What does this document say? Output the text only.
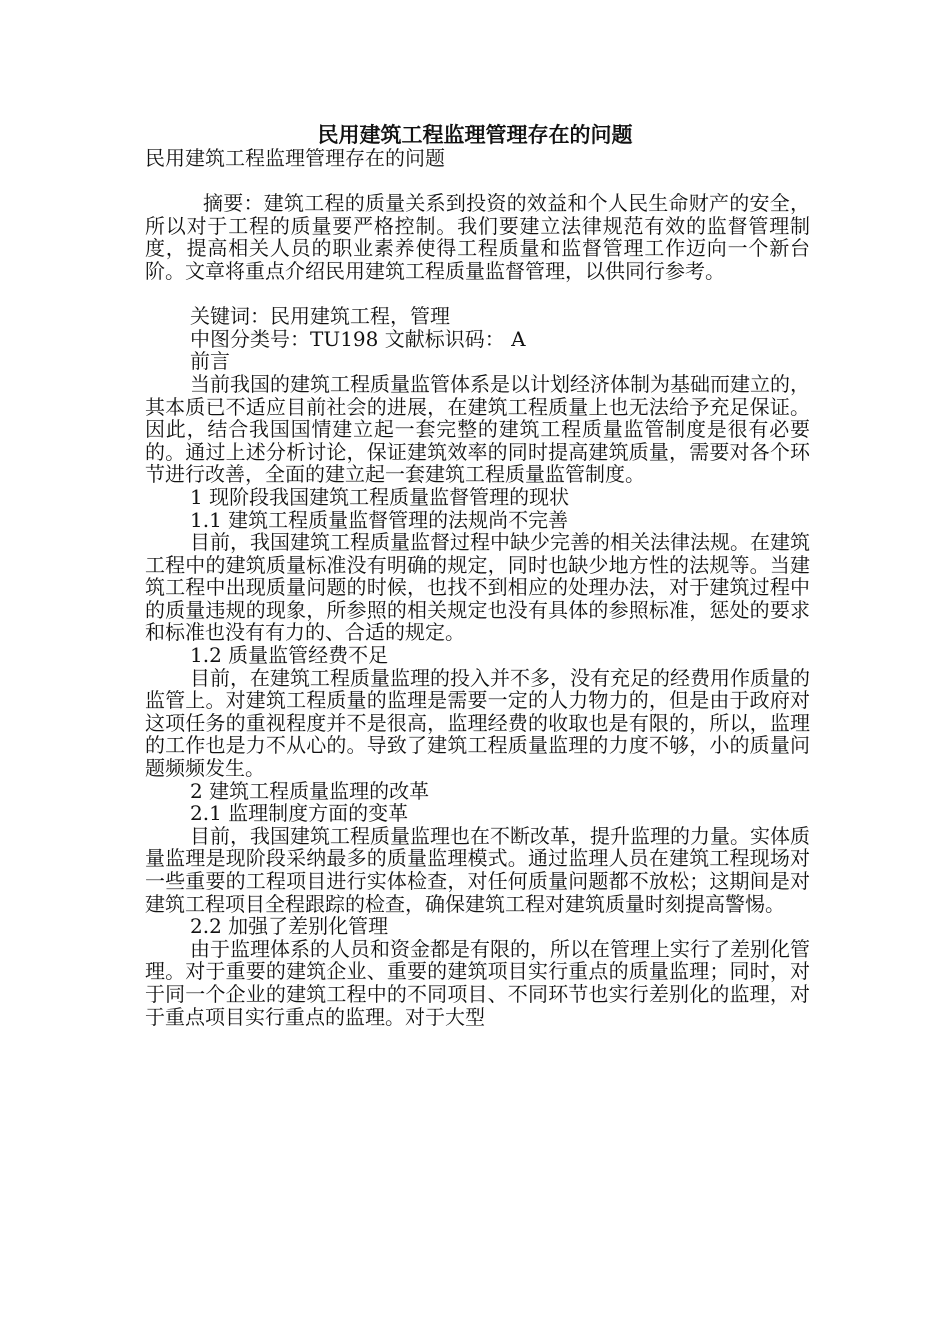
民用建筑工程监理管理存在的问题

民用建筑工程监理管理存在的问题

摘要：建筑工程的质量关系到投资的效益和个人民生命财产的安全，所以对于工程的质量要严格控制。我们要建立法律规范有效的监督管理制度，提高相关人员的职业素养使得工程质量和监督管理工作迈向一个新台阶。文章将重点介绍民用建筑工程质量监督管理，以供同行参考。

关键词：民用建筑工程，管理

中图分类号：TU198 文献标识码： A

前言

当前我国的建筑工程质量监管体系是以计划经济体制为基础而建立的，其本质已不适应目前社会的进展，在建筑工程质量上也无法给予充足保证。因此，结合我国国情建立起一套完整的建筑工程质量监管制度是很有必要的。通过上述分析讨论，保证建筑效率的同时提高建筑质量，需要对各个环节进行改善，全面的建立起一套建筑工程质量监管制度。

1 现阶段我国建筑工程质量监督管理的现状

1.1 建筑工程质量监督管理的法规尚不完善

目前，我国建筑工程质量监督过程中缺少完善的相关法律法规。在建筑工程中的建筑质量标准没有明确的规定，同时也缺少地方性的法规等。当建筑工程中出现质量问题的时候，也找不到相应的处理办法，对于建筑过程中的质量违规的现象，所参照的相关规定也没有具体的参照标准，惩处的要求和标准也没有有力的、合适的规定。

1.2 质量监管经费不足

目前，在建筑工程质量监理的投入并不多，没有充足的经费用作质量的监管上。对建筑工程质量的监理是需要一定的人力物力的，但是由于政府对这项任务的重视程度并不是很高，监理经费的收取也是有限的，所以，监理的工作也是力不从心的。导致了建筑工程质量监理的力度不够，小的质量问题频频发生。

2 建筑工程质量监理的改革

2.1 监理制度方面的变革

目前，我国建筑工程质量监理也在不断改革，提升监理的力量。实体质量监理是现阶段采纳最多的质量监理模式。通过监理人员在建筑工程现场对一些重要的工程项目进行实体检查，对任何质量问题都不放松；这期间是对建筑工程项目全程跟踪的检查，确保建筑工程对建筑质量时刻提高警惕。

2.2 加强了差别化管理

由于监理体系的人员和资金都是有限的，所以在管理上实行了差别化管理。对于重要的建筑企业、重要的建筑项目实行重点的质量监理；同时，对于同一个企业的建筑工程中的不同项目、不同环节也实行差别化的监理，对于重点项目实行重点的监理。对于大型
